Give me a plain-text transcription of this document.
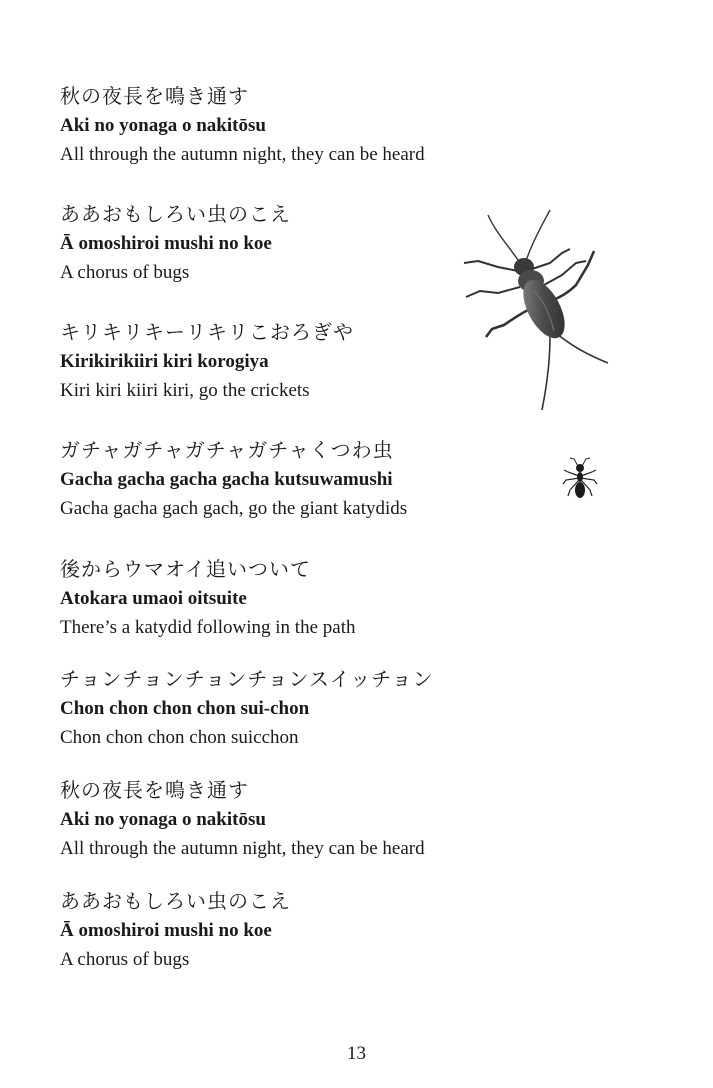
秋の夜長を鳴き通す
Aki no yonaga o nakitōsu
All through the autumn night, they can be heard
ああおもしろい虫のこえ
Ā omoshiroi mushi no koe
A chorus of bugs
キリキリキーリキリこおろぎや
Kirikirikiiri kiri korogiya
Kiri kiri kiiri kiri, go the crickets
ガチャガチャガチャガチャくつわ虫
Gacha gacha gacha gacha kutsuwamushi
Gacha gacha gach gach, go the giant katydids
後からウマオイ追いついて
Atokara umaoi oitsuite
There’s a katydid following in the path
チョンチョンチョンチョンスイッチョン
Chon chon chon chon sui-chon
Chon chon chon chon suicchon
秋の夜長を鳴き通す
Aki no yonaga o nakitōsu
All through the autumn night, they can be heard
ああおもしろい虫のこえ
Ā omoshiroi mushi no koe
A chorus of bugs
13
